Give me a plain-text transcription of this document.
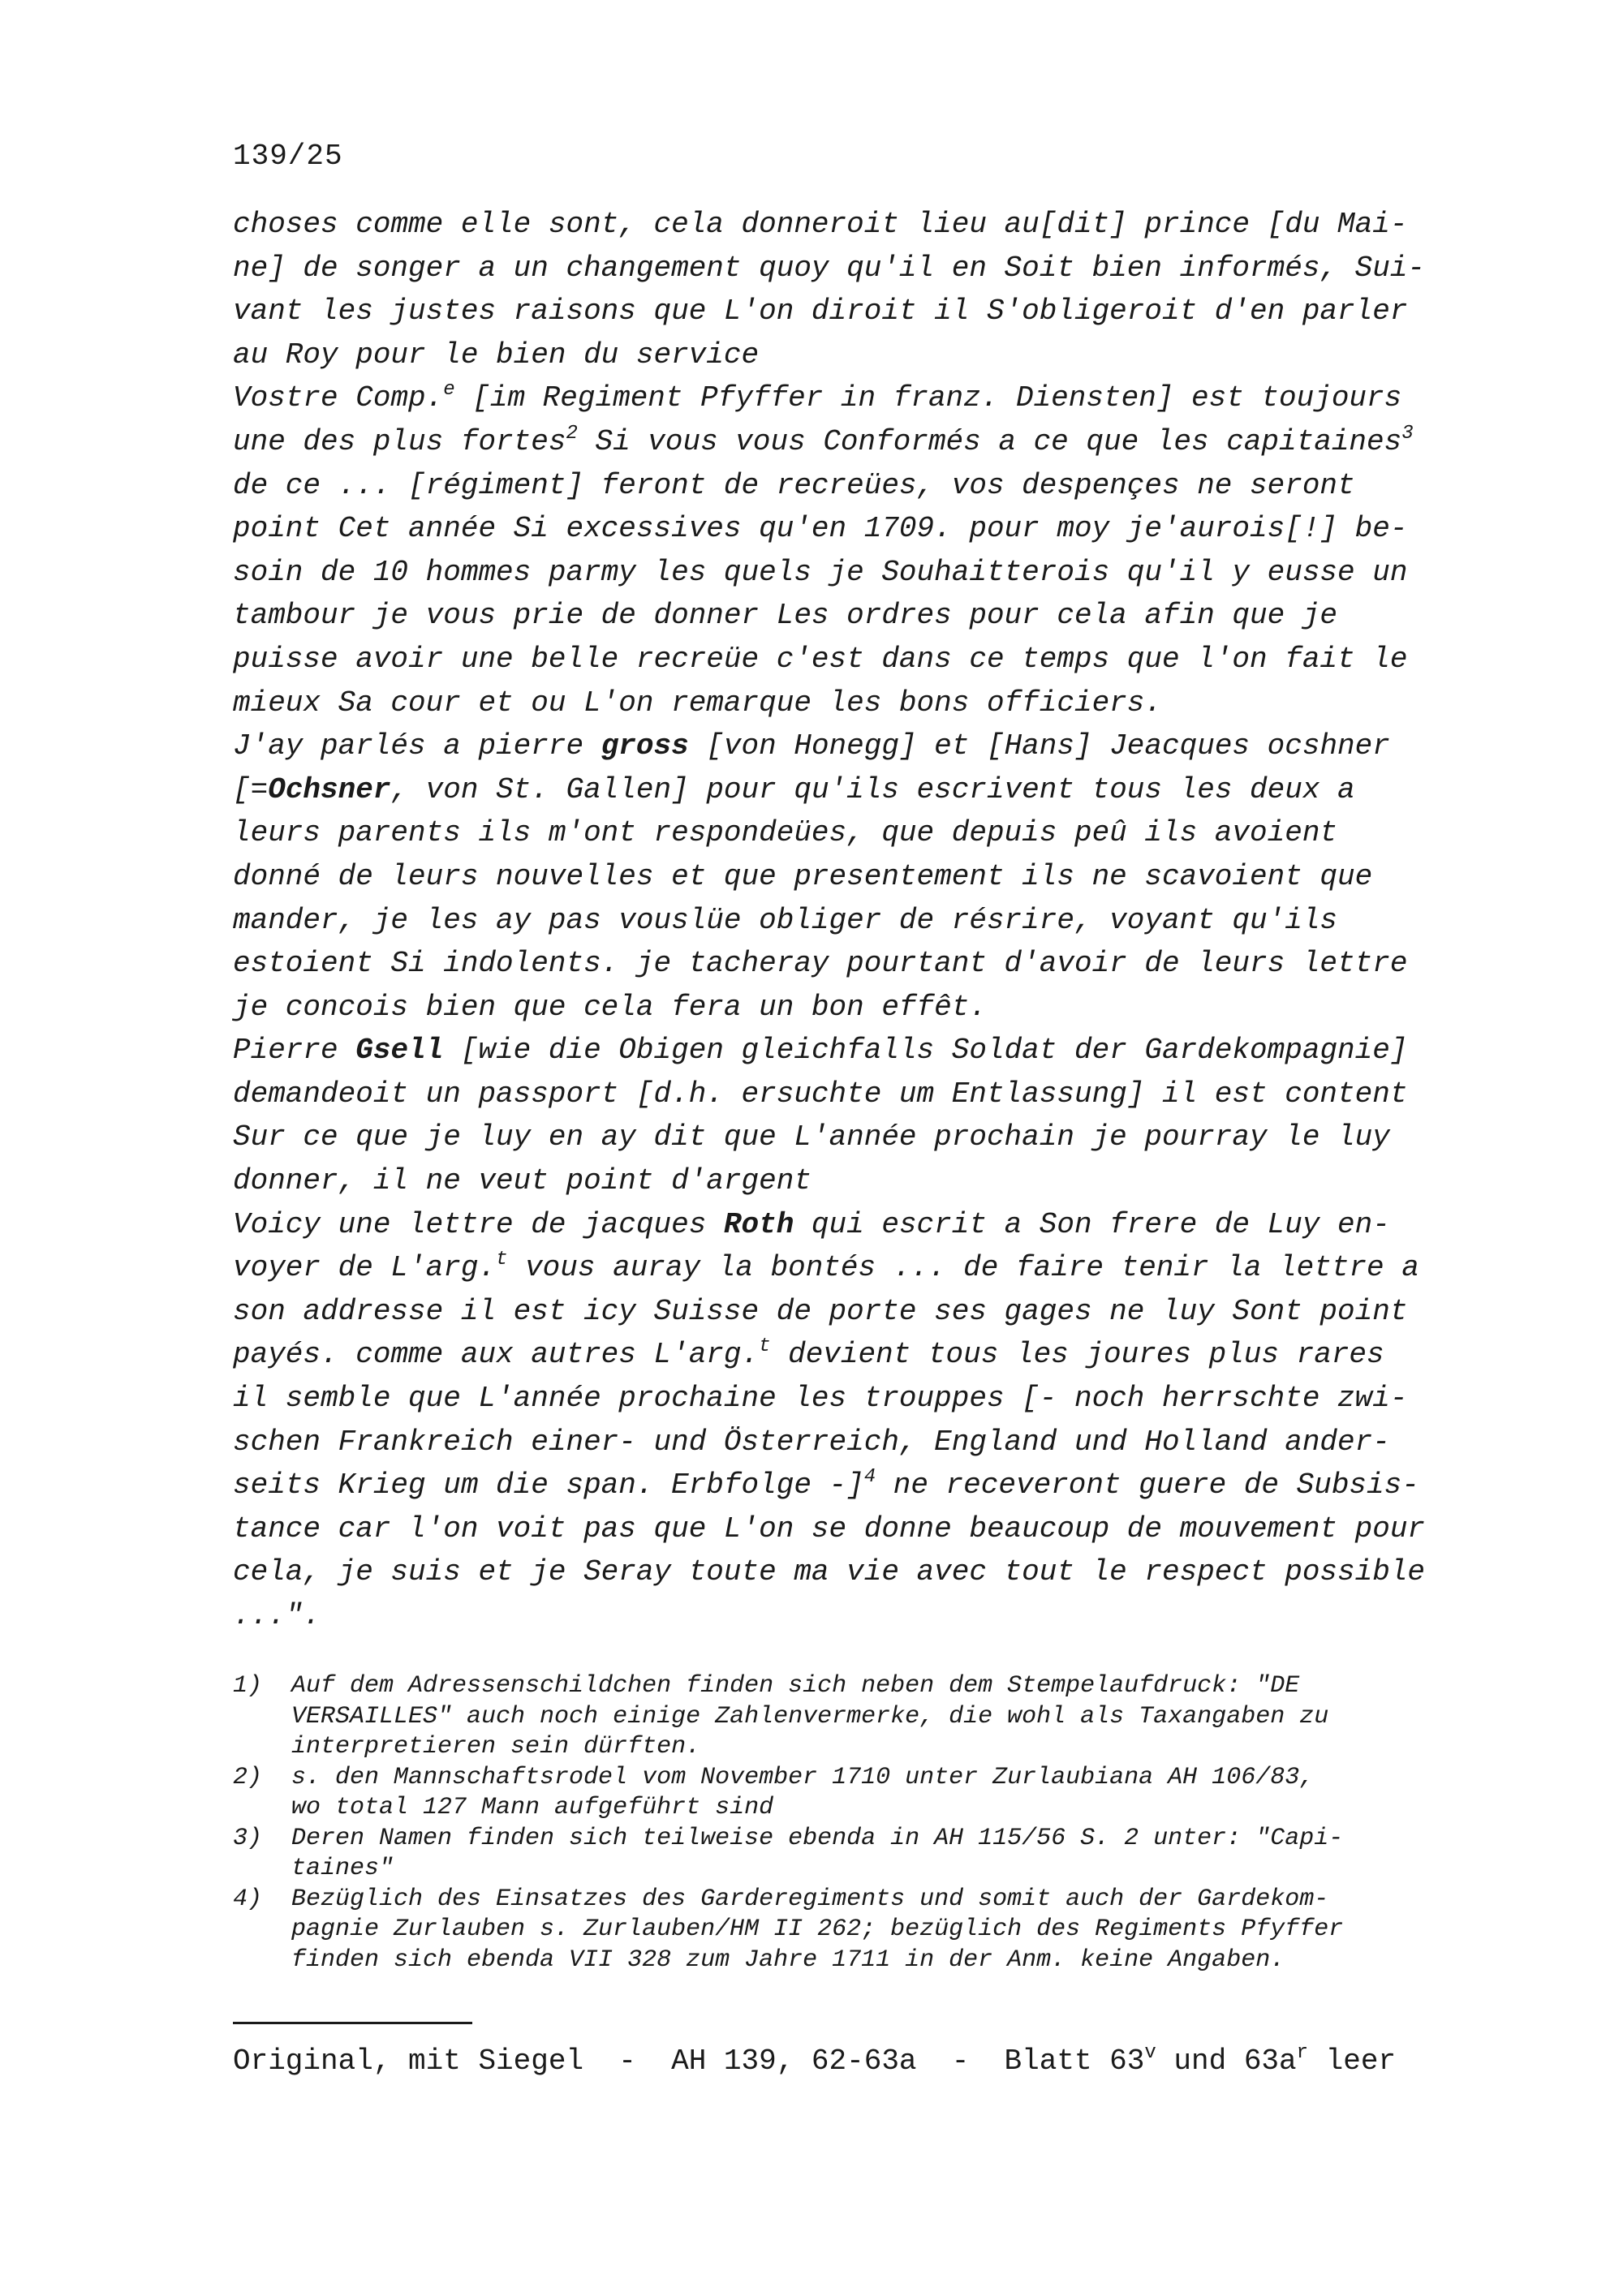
139/25
choses comme elle sont, cela donneroit lieu au[dit] prince [du Mai-
ne] de songer a un changement quoy qu'il en Soit bien informés, Sui-
vant les justes raisons que L'on diroit il S'obligeroit d'en parler
au Roy pour le bien du service
Vostre Comp.$^e$ [im Regiment Pfyffer in franz. Diensten] est toujours
une des plus fortes$^2$ Si vous vous Conformés a ce que les capitaines$^3$
de ce ... [régiment] feront de recreües, vos despençes ne seront
point Cet année Si excessives qu'en 1709. pour moy je'aurois[!] be-
soin de 10 hommes parmy les quels je Souhaitterois qu'il y eusse un
tambour je vous prie de donner Les ordres pour cela afin que je
puisse avoir une belle recreüe c'est dans ce temps que l'on fait le
mieux Sa cour et ou L'on remarque les bons officiers.
J'ay parlés a pierre gross [von Honegg] et [Hans] Jeacques ocshner
[=Ochsner, von St. Gallen] pour qu'ils escrivent tous les deux a
leurs parents ils m'ont respondeües, que depuis peû ils avoient
donné de leurs nouvelles et que presentement ils ne scavoient que
mander, je les ay pas vouslüe obliger de résrire, voyant qu'ils
estoient Si indolents. je tacheray pourtant d'avoir de leurs lettre
je concois bien que cela fera un bon effêt.
Pierre Gsell [wie die Obigen gleichfalls Soldat der Gardekompagnie]
demandeoit un passport [d.h. ersuchte um Entlassung] il est content
Sur ce que je luy en ay dit que L'année prochain je pourray le luy
donner, il ne veut point d'argent
Voicy une lettre de jacques Roth qui escrit a Son frere de Luy en-
voyer de L'arg.$^t$ vous auray la bontés ... de faire tenir la lettre a
son addresse il est icy Suisse de porte ses gages ne luy Sont point
payés. comme aux autres L'arg.$^t$ devient tous les joures plus rares
il semble que L'année prochaine les trouppes [- noch herrschte zwi-
schen Frankreich einer- und Österreich, England und Holland ander-
seits Krieg um die span. Erbfolge -]$^4$ ne receveront guere de Subsis-
tance car l'on voit pas que L'on se donne beaucoup de mouvement pour
cela, je suis et je Seray toute ma vie avec tout le respect possible
...".
1) Auf dem Adressenschildchen finden sich neben dem Stempelaufdruck: "DE
VERSAILLES" auch noch einige Zahlenvermerke, die wohl als Taxangaben zu
interpretieren sein dürften.
2) s. den Mannschaftsrodel vom November 1710 unter Zurlaubiana AH 106/83,
wo total 127 Mann aufgeführt sind
3) Deren Namen finden sich teilweise ebenda in AH 115/56 S. 2 unter: "Capi-
taines"
4) Bezüglich des Einsatzes des Garderegiments und somit auch der Gardekom-
pagnie Zurlauben s. Zurlauben/HM II 262; bezüglich des Regiments Pfyffer
finden sich ebenda VII 328 zum Jahre 1711 in der Anm. keine Angaben.
Original, mit Siegel  -  AH 139, 62-63a  -  Blatt 63$^v$ und $63a^r$ leer
